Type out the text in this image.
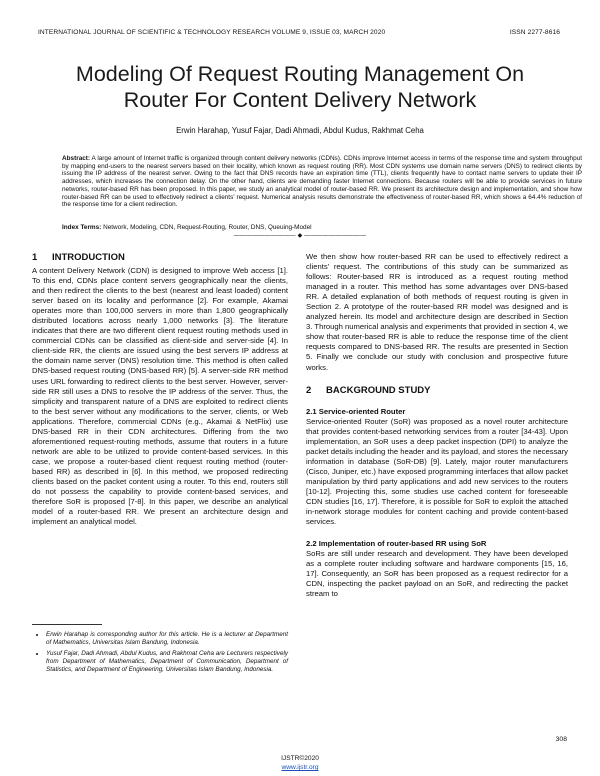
INTERNATIONAL JOURNAL OF SCIENTIFIC & TECHNOLOGY RESEARCH VOLUME 9, ISSUE 03, MARCH 2020	ISSN 2277-8616
Modeling Of Request Routing Management On
Router For Content Delivery Network
Erwin Harahap, Yusuf Fajar, Dadi Ahmadi, Abdul Kudus, Rakhmat Ceha
Abstract: A large amount of Internet traffic is organized through content delivery networks (CDNs). CDNs improve Internet access in terms of the response time and system throughput by mapping end-users to the nearest servers based on their locality, which known as request routing (RR). Most CDN systems use domain name servers (DNS) to redirect clients by issuing the IP address of the nearest server. Owing to the fact that DNS records have an expiration time (TTL), clients frequently have to contact name servers to update their IP addresses, which increases the connection delay. On the other hand, clients are demanding faster Internet connections. Because routers will be able to provide services in future networks, router-based RR has been proposed. In this paper, we study an analytical model of router-based RR. We present its architecture design and implementation, and show how router-based RR can be used to effectively redirect a clients’ request. Numerical analysis results demonstrate the effectiveness of router-based RR, which shows a 64.4% reduction of the response time for a client redirection.
Index Terms: Network, Modeling, CDN, Request-Routing, Router, DNS, Queuing-Model
—————————— ◆ ——————————

1 INTRODUCTION

A content Delivery Network (CDN) is designed to improve Web access [1]. To this end, CDNs place content servers geographically near the clients, and then redirect the clients to the best (nearest and least loaded) content server based on its locality and performance [2]. For example, Akamai operates more than 100,000 servers in more than 1,800 geographically distributed locations across nearly 1,000 networks [3]. The literature indicates that there are two different client request routing methods used in commercial CDNs can be classified as client-side and server-side [4]. In client-side RR, the clients are issued using the best servers IP address at the domain name server (DNS) resolution time. This method is often called DNS-based request routing (DNS-based RR) [5]. A server-side RR method uses URL forwarding to redirect clients to the best server. However, server-side RR still uses a DNS to resolve the IP address of the server. Thus, the simplicity and transparent nature of a DNS are exploited to redirect clients to the best server without any modifications to the server, clients, or Web applications. Therefore, commercial CDNs (e.g., Akamai & NetFlix) use DNS-based RR in their CDN architectures. Differing from the two aforementioned request-routing methods, assume that routers in a future network are able to be utilized to provide content-based services. In this case, we propose a router-based client request routing method (router-based RR) as described in [6]. In this method, we proposed redirecting clients based on the packet content using a router. To this end, routers still do not possess the capability to provide content-based services, and therefore SoR is proposed [7-8]. In this paper, we describe an analytical model of a router-based RR. We present an architecture design and implement an analytical model.

• Erwin Harahap is corresponding author for this article. He is a lecturer at Department of Mathematics, Universitas Islam Bandung, Indonesia.
• Yusuf Fajar, Dadi Ahmadi, Abdul Kudus, and Rakhmat Ceha are Lecturers respectively from Department of Mathematics, Department of Communication, Department of Statistics, and Department of Engineering, Universitas Islam Bandung, Indonesia.

We then show how router-based RR can be used to effectively redirect a clients’ request. The contributions of this study can be summarized as follows: Router-based RR is introduced as a request routing method managed in a router. This method has some advantages over DNS-based RR. A detailed explanation of both methods of request routing is given in Section 2. A prototype of the router-based RR model was designed and is analyzed herein. Its model and architecture design are described in Section 3. Through numerical analysis and experiments that provided in section 4, we show that router-based RR is able to reduce the response time of the client requests compared to DNS-based RR. The results are presented in Section 5. Finally we conclude our study with conclusion and prospective future works.

2 BACKGROUND STUDY

2.1 Service-oriented Router

Service-oriented Router (SoR) was proposed as a novel router architecture that provides content-based networking services from a router [34-43]. Upon implementation, an SoR uses a deep packet inspection (DPI) to analyze the packet details including the header and its payload, and stores the necessary information in database (SoR-DB) [9]. Lately, major router manufacturers (Cisco, Juniper, etc.) have exposed programming interfaces that allow packet manipulation by third party applications and add new services to the routers [10-12]. Projecting this, some studies use cached content for foreseeable CDN studies [16, 17]. Therefore, it is possible for SoR to exploit the attached in-network storage modules for content caching and provide content-based services.

2.2 Implementation of router-based RR using SoR

SoRs are still under research and development. They have been developed as a complete router including software and hardware components [15, 16, 17]. Consequently, an SoR has been proposed as a request redirector for a CDN, inspecting the packet payload on an SoR, and redirecting the packet stream to

308
IJSTR©2020
www.ijstr.org
